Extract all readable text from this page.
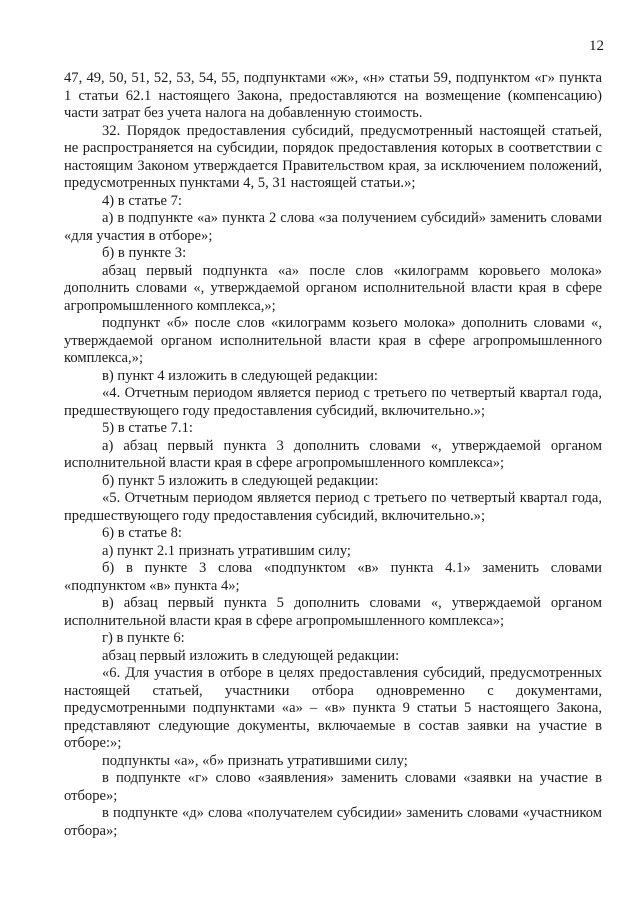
12

47, 49, 50, 51, 52, 53, 54, 55, подпунктами «ж», «н» статьи 59, подпунктом «г» пункта 1 статьи 62.1 настоящего Закона, предоставляются на возмещение (компенсацию) части затрат без учета налога на добавленную стоимость.

32. Порядок предоставления субсидий, предусмотренный настоящей статьей, не распространяется на субсидии, порядок предоставления которых в соответствии с настоящим Законом утверждается Правительством края, за исключением положений, предусмотренных пунктами 4, 5, 31 настоящей статьи.»;

4) в статье 7:

а) в подпункте «а» пункта 2 слова «за получением субсидий» заменить словами «для участия в отборе»;

б) в пункте 3:

абзац первый подпункта «а» после слов «килограмм коровьего молока» дополнить словами «, утверждаемой органом исполнительной власти края в сфере агропромышленного комплекса,»;

подпункт «б» после слов «килограмм козьего молока» дополнить словами «, утверждаемой органом исполнительной власти края в сфере агропромышленного комплекса,»;

в) пункт 4 изложить в следующей редакции:

«4. Отчетным периодом является период с третьего по четвертый квартал года, предшествующего году предоставления субсидий, включительно.»;

5) в статье 7.1:

а) абзац первый пункта 3 дополнить словами «, утверждаемой органом исполнительной власти края в сфере агропромышленного комплекса»;

б) пункт 5 изложить в следующей редакции:

«5. Отчетным периодом является период с третьего по четвертый квартал года, предшествующего году предоставления субсидий, включительно.»;

6) в статье 8:

а) пункт 2.1 признать утратившим силу;

б) в пункте 3 слова «подпунктом «в» пункта 4.1» заменить словами «подпунктом «в» пункта 4»;

в) абзац первый пункта 5 дополнить словами «, утверждаемой органом исполнительной власти края в сфере агропромышленного комплекса»;

г) в пункте 6:

абзац первый изложить в следующей редакции:

«6. Для участия в отборе в целях предоставления субсидий, предусмотренных настоящей статьей, участники отбора одновременно с документами, предусмотренными подпунктами «а» – «в» пункта 9 статьи 5 настоящего Закона, представляют следующие документы, включаемые в состав заявки на участие в отборе:»;

подпункты «а», «б» признать утратившими силу;

в подпункте «г» слово «заявления» заменить словами «заявки на участие в отборе»;

в подпункте «д» слова «получателем субсидии» заменить словами «участником отбора»;
